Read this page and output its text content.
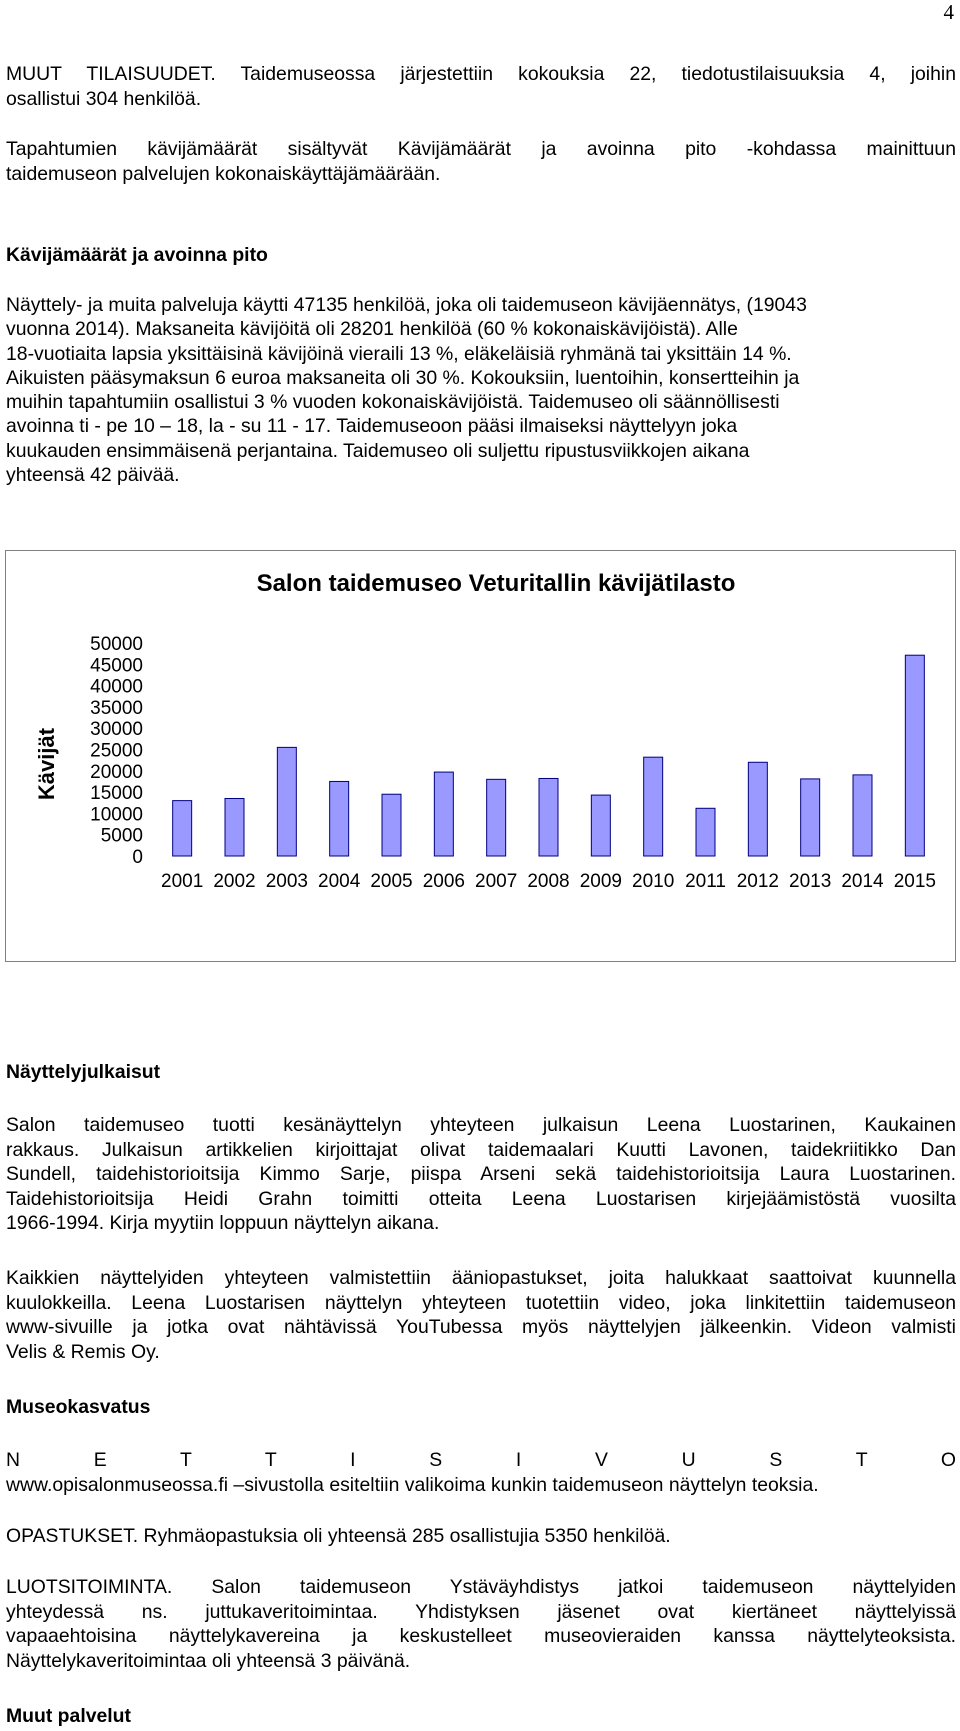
4
MUUT TILAISUUDET. Taidemuseossa järjestettiin kokouksia 22, tiedotustilaisuuksia 4, joihin
osallistui 304 henkilöä.
Tapahtumien kävijämäärät sisältyvät Kävijämäärät ja avoinna pito -kohdassa mainittuun
taidemuseon palvelujen kokonaiskäyttäjämäärään.
Kävijämäärät ja avoinna pito
Näyttely- ja muita palveluja käytti 47135 henkilöä, joka oli taidemuseon kävijäennätys, (19043
vuonna 2014). Maksaneita kävijöitä oli 28201 henkilöä (60 % kokonaiskävijöistä). Alle
18-vuotiaita lapsia yksittäisinä kävijöinä vieraili 13 %, eläkeläisiä ryhmänä tai yksittäin 14 %.
Aikuisten pääsymaksun 6 euroa maksaneita oli 30 %. Kokouksiin, luentoihin, konsertteihin ja
muihin tapahtumiin osallistui 3 % vuoden kokonaiskävijöistä. Taidemuseo oli säännöllisesti
avoinna ti - pe 10 – 18, la - su 11 - 17. Taidemuseoon pääsi ilmaiseksi näyttelyyn joka
kuukauden ensimmäisenä perjantaina. Taidemuseo oli suljettu ripustusviikkojen aikana
yhteensä 42 päivää.
Salon taidemuseo Veturitallin kävijätilasto
Kävijät
50000
45000
40000
35000
30000
25000
20000
15000
10000
5000
0
2001 2002 2003 2004 2005 2006 2007 2008 2009 2010 2011 2012 2013 2014 2015
Näyttelyjulkaisut
Salon taidemuseo tuotti kesänäyttelyn yhteyteen julkaisun Leena Luostarinen, Kaukainen
rakkaus. Julkaisun artikkelien kirjoittajat olivat taidemaalari Kuutti Lavonen, taidekriitikko Dan
Sundell, taidehistorioitsija Kimmo Sarje, piispa Arseni sekä taidehistorioitsija Laura Luostarinen.
Taidehistorioitsija Heidi Grahn toimitti otteita Leena Luostarisen kirjejäämistöstä vuosilta
1966-1994. Kirja myytiin loppuun näyttelyn aikana.
Kaikkien näyttelyiden yhteyteen valmistettiin ääniopastukset, joita halukkaat saattoivat kuunnella
kuulokkeilla. Leena Luostarisen näyttelyn yhteyteen tuotettiin video, joka linkitettiin taidemuseon
www-sivuille ja jotka ovat nähtävissä YouTubessa myös näyttelyjen jälkeenkin. Videon valmisti
Velis & Remis Oy.
Museokasvatus
N E T T I S I V U S T O
www.opisalonmuseossa.fi –sivustolla esiteltiin valikoima kunkin taidemuseon näyttelyn teoksia.
OPASTUKSET. Ryhmäopastuksia oli yhteensä 285 osallistujia 5350 henkilöä.
LUOTSITOIMINTA. Salon taidemuseon Ystäväyhdistys jatkoi taidemuseon näyttelyiden
yhteydessä ns. juttukaveritoimintaa. Yhdistyksen jäsenet ovat kiertäneet näyttelyissä
vapaaehtoisina näyttelykavereina ja keskustelleet museovieraiden kanssa näyttelyteoksista.
Näyttelykaveritoimintaa oli yhteensä 3 päivänä.
Muut palvelut
